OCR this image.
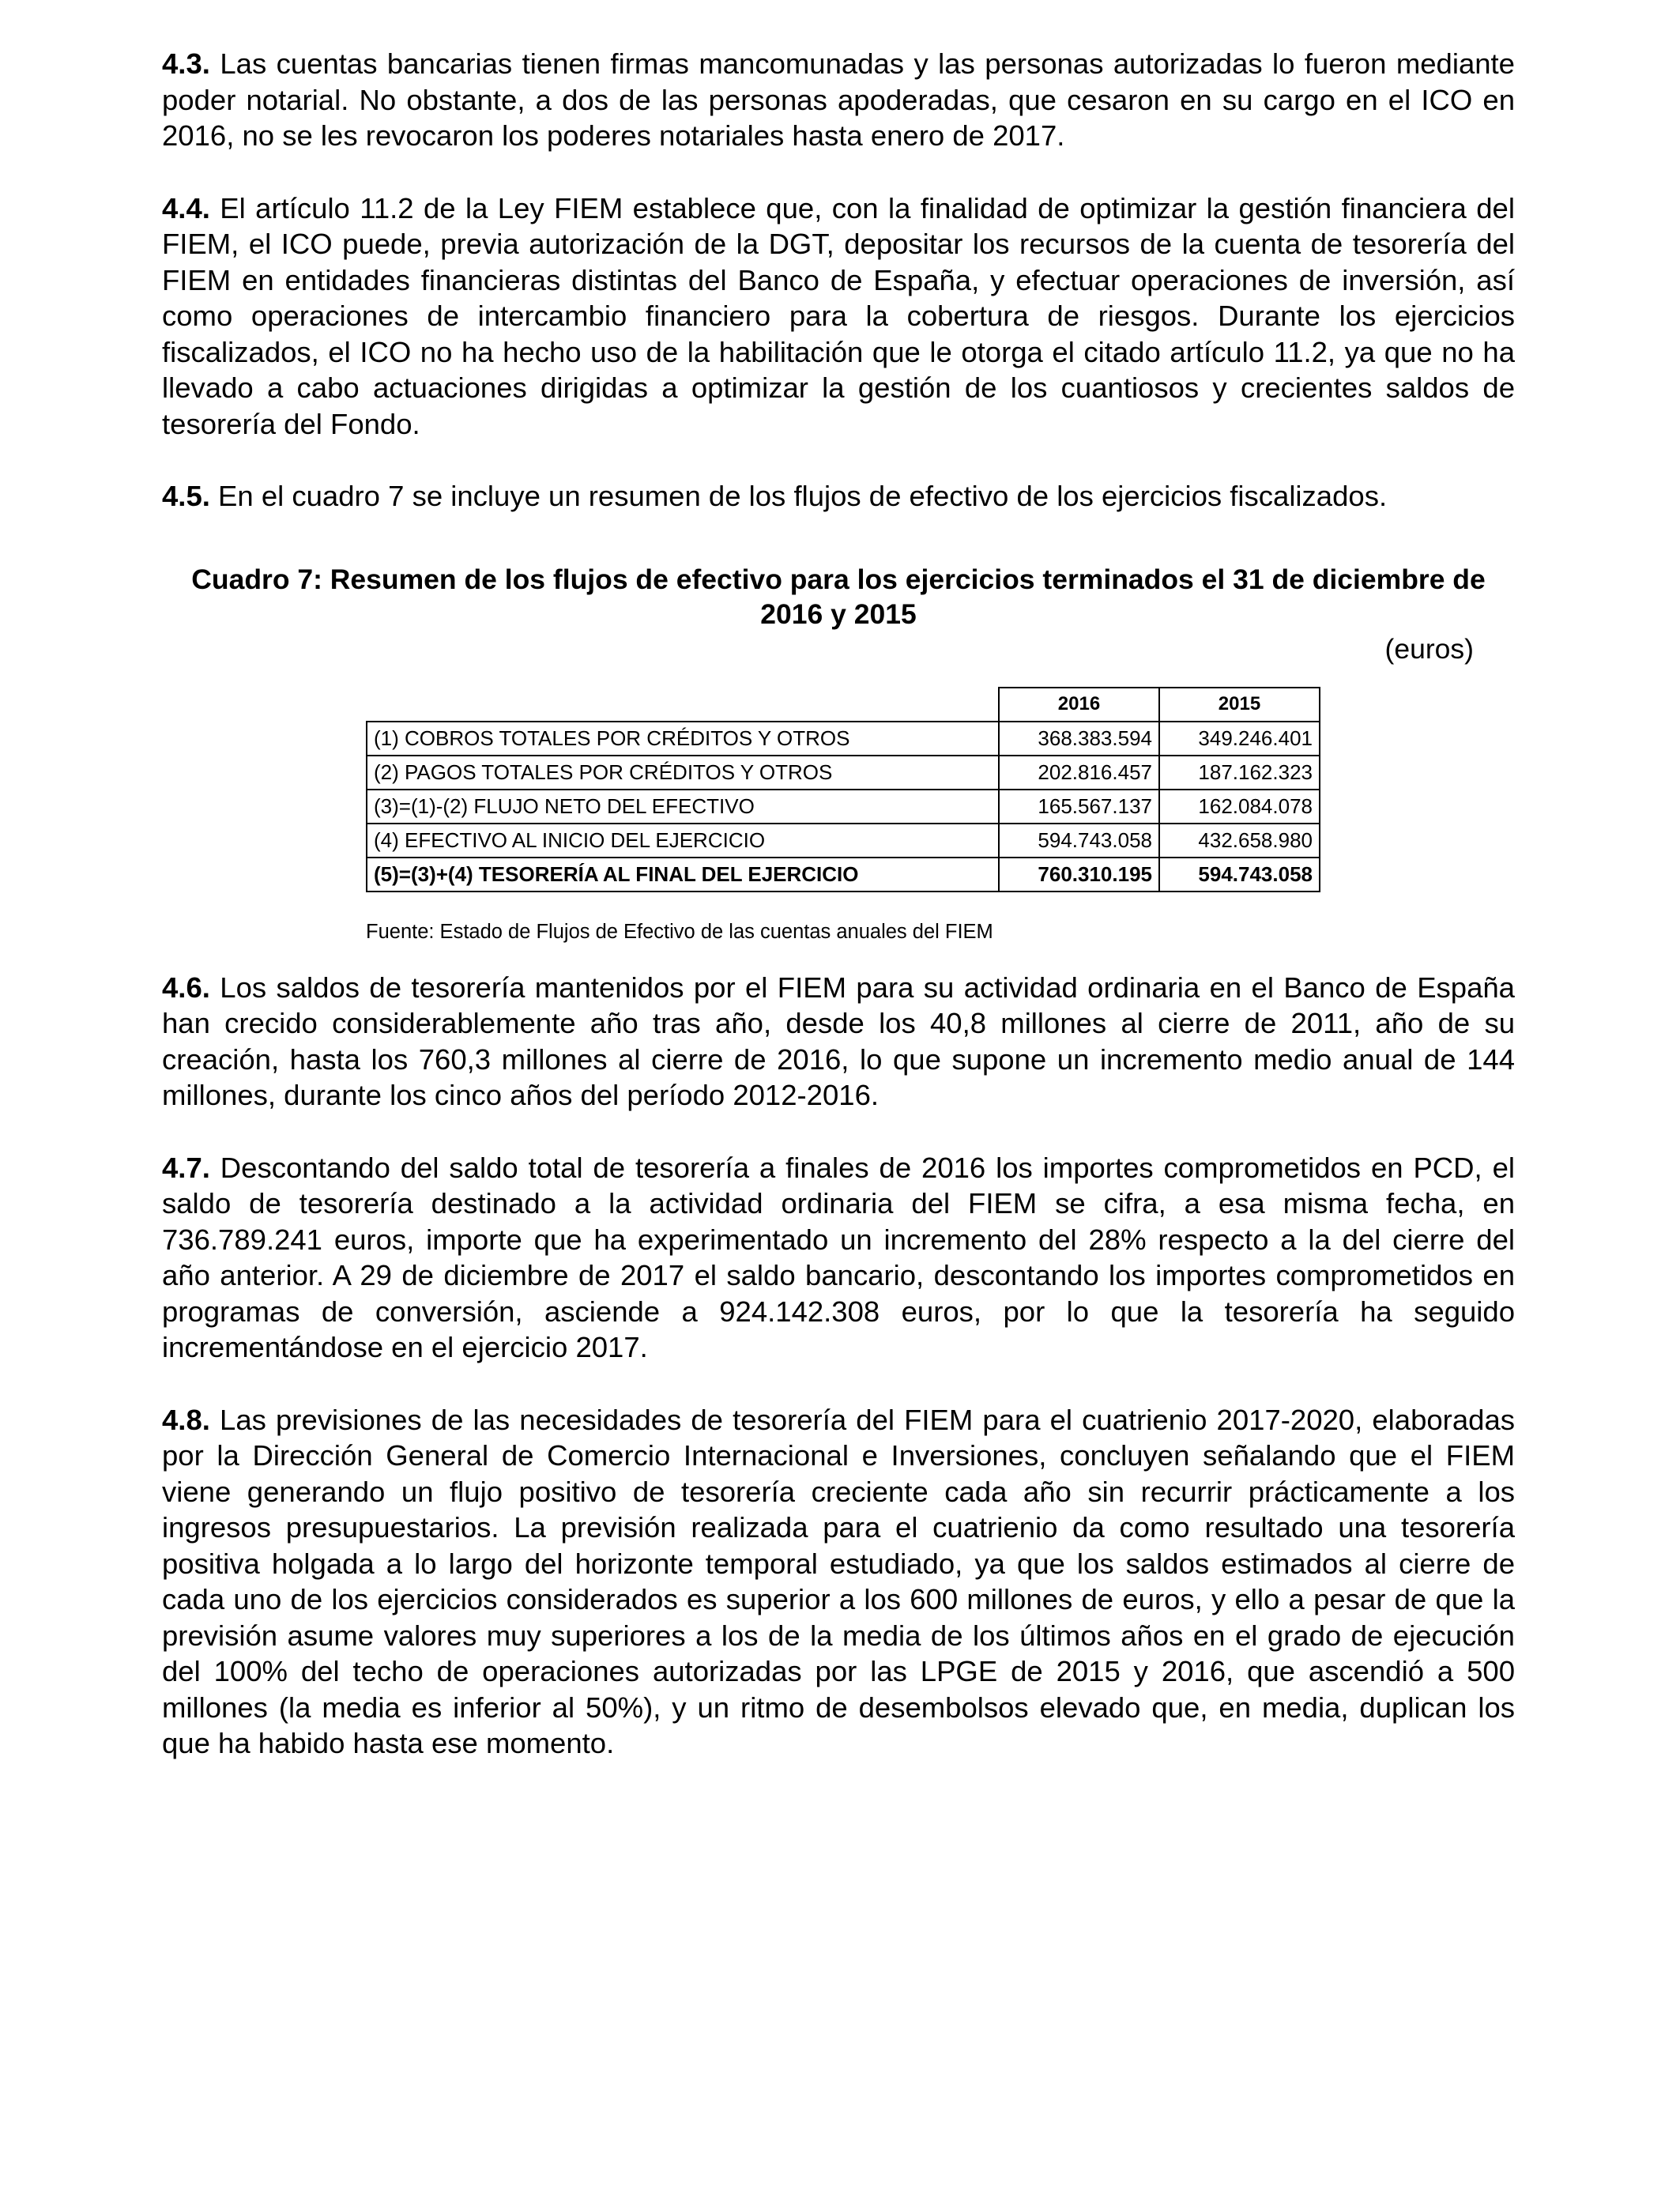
4.3. Las cuentas bancarias tienen firmas mancomunadas y las personas autorizadas lo fueron mediante poder notarial. No obstante, a dos de las personas apoderadas, que cesaron en su cargo en el ICO en 2016, no se les revocaron los poderes notariales hasta enero de 2017.

4.4. El artículo 11.2 de la Ley FIEM establece que, con la finalidad de optimizar la gestión financiera del FIEM, el ICO puede, previa autorización de la DGT, depositar los recursos de la cuenta de tesorería del FIEM en entidades financieras distintas del Banco de España, y efectuar operaciones de inversión, así como operaciones de intercambio financiero para la cobertura de riesgos. Durante los ejercicios fiscalizados, el ICO no ha hecho uso de la habilitación que le otorga el citado artículo 11.2, ya que no ha llevado a cabo actuaciones dirigidas a optimizar la gestión de los cuantiosos y crecientes saldos de tesorería del Fondo.

4.5. En el cuadro 7 se incluye un resumen de los flujos de efectivo de los ejercicios fiscalizados.

Cuadro 7: Resumen de los flujos de efectivo para los ejercicios terminados el 31 de diciembre de 2016 y 2015
(euros)
	2016	2015
(1) COBROS TOTALES POR CRÉDITOS Y OTROS	368.383.594	349.246.401
(2) PAGOS TOTALES POR CRÉDITOS Y OTROS	202.816.457	187.162.323
(3)=(1)-(2) FLUJO NETO DEL EFECTIVO	165.567.137	162.084.078
(4) EFECTIVO AL INICIO DEL EJERCICIO	594.743.058	432.658.980
(5)=(3)+(4) TESORERÍA AL FINAL DEL EJERCICIO	760.310.195	594.743.058
Fuente: Estado de Flujos de Efectivo de las cuentas anuales del FIEM

4.6. Los saldos de tesorería mantenidos por el FIEM para su actividad ordinaria en el Banco de España han crecido considerablemente año tras año, desde los 40,8 millones al cierre de 2011, año de su creación, hasta los 760,3 millones al cierre de 2016, lo que supone un incremento medio anual de 144 millones, durante los cinco años del período 2012-2016.

4.7. Descontando del saldo total de tesorería a finales de 2016 los importes comprometidos en PCD, el saldo de tesorería destinado a la actividad ordinaria del FIEM se cifra, a esa misma fecha, en 736.789.241 euros, importe que ha experimentado un incremento del 28% respecto a la del cierre del año anterior. A 29 de diciembre de 2017 el saldo bancario, descontando los importes comprometidos en programas de conversión, asciende a 924.142.308 euros, por lo que la tesorería ha seguido incrementándose en el ejercicio 2017.

4.8. Las previsiones de las necesidades de tesorería del FIEM para el cuatrienio 2017-2020, elaboradas por la Dirección General de Comercio Internacional e Inversiones, concluyen señalando que el FIEM viene generando un flujo positivo de tesorería creciente cada año sin recurrir prácticamente a los ingresos presupuestarios. La previsión realizada para el cuatrienio da como resultado una tesorería positiva holgada a lo largo del horizonte temporal estudiado, ya que los saldos estimados al cierre de cada uno de los ejercicios considerados es superior a los 600 millones de euros, y ello a pesar de que la previsión asume valores muy superiores a los de la media de los últimos años en el grado de ejecución del 100% del techo de operaciones autorizadas por las LPGE de 2015 y 2016, que ascendió a 500 millones (la media es inferior al 50%), y un ritmo de desembolsos elevado que, en media, duplican los que ha habido hasta ese momento.
